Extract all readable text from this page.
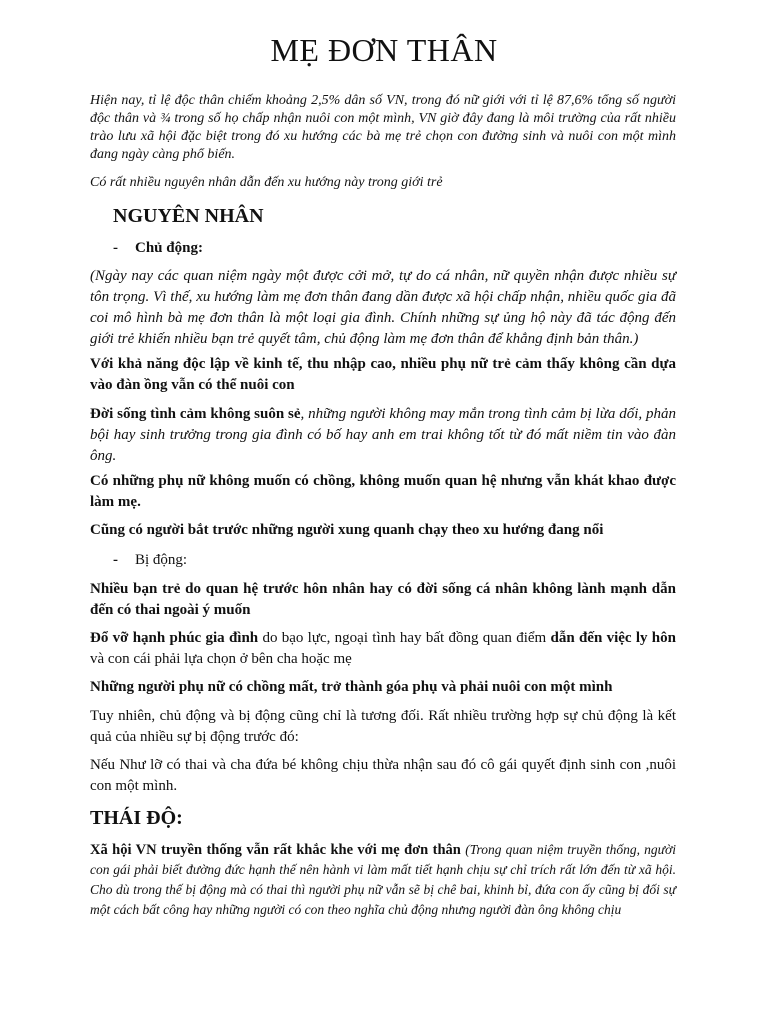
MẸ ĐƠN THÂN

Hiện nay, tỉ lệ độc thân chiếm khoảng 2,5% dân số VN, trong đó nữ giới với tỉ lệ 87,6% tổng số người độc thân và ¾ trong số họ chấp nhận nuôi con một mình, VN giờ đây đang là môi trường của rất nhiều trào lưu xã hội đặc biệt trong đó xu hướng các bà mẹ trẻ chọn con đường sinh và nuôi con một mình đang ngày càng phổ biến.

Có rất nhiều nguyên nhân dẫn đến xu hướng này trong giới trẻ

NGUYÊN NHÂN

- Chủ động:

(Ngày nay các quan niệm ngày một được cởi mở, tự do cá nhân, nữ quyền nhận được nhiều sự tôn trọng. Vì thế, xu hướng làm mẹ đơn thân đang dần được xã hội chấp nhận, nhiều quốc gia đã coi mô hình bà mẹ đơn thân là một loại gia đình. Chính những sự ủng hộ này đã tác động đến giới trẻ khiến nhiều bạn trẻ quyết tâm, chủ động làm mẹ đơn thân để khẳng định bản thân.)

Với khả năng độc lập về kinh tế, thu nhập cao, nhiều phụ nữ trẻ cảm thấy không cần dựa vào đàn ồng vẫn có thể nuôi con

Đời sống tình cảm không suôn sẻ, những người không may mắn trong tình cảm bị lừa dối, phản bội hay sinh trưởng trong gia đình có bố hay anh em trai không tốt từ đó mất niềm tin vào đàn ông.

Có những phụ nữ không muốn có chồng, không muốn quan hệ nhưng vẫn khát khao được làm mẹ.

Cũng có người bắt trước những người xung quanh chạy theo xu hướng đang nổi

- Bị động:

Nhiều bạn trẻ do quan hệ trước hôn nhân hay có đời sống cá nhân không lành mạnh dẫn đến có thai ngoài ý muốn

Đổ vỡ hạnh phúc gia đình do bạo lực, ngoại tình hay bất đồng quan điểm dẫn đến việc ly hôn và con cái phải lựa chọn ở bên cha hoặc mẹ

Những người phụ nữ có chồng mất, trở thành góa phụ và phải nuôi con một mình

Tuy nhiên, chủ động và bị động cũng chỉ là tương đối. Rất nhiều trường hợp sự chủ động là kết quả của nhiều sự bị động trước đó:

Nếu Như lỡ có thai và cha đứa bé không chịu thừa nhận sau đó cô gái quyết định sinh con ,nuôi con một mình.

THÁI ĐỘ:

Xã hội VN truyền thống vẫn rất khắc khe với mẹ đơn thân (Trong quan niệm truyền thống, người con gái phải biết đường đức hạnh thế nên hành vi làm mất tiết hạnh chịu sự chỉ trích rất lớn đến từ xã hội. Cho dù trong thế bị động mà có thai thì người phụ nữ vẫn sẽ bị chê bai, khinh bỉ, đứa con ấy cũng bị đối sự một cách bất công hay những người có con theo nghĩa chủ động nhưng người đàn ông không chịu
